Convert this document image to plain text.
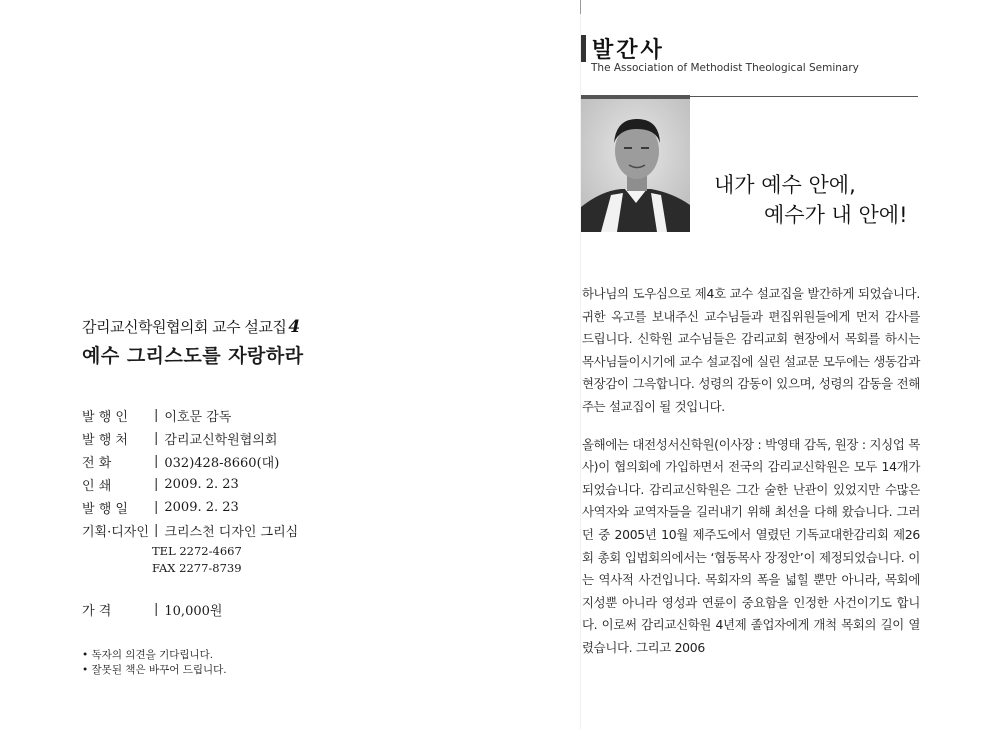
감리교신학원협의회 교수 설교집 4
예수 그리스도를 자랑하라
발 행 인	| 이호문 감독
발 행 처	| 감리교신학원협의회
전 화	| 032)428-8660(대)
인 쇄	| 2009. 2. 23
발 행 일	| 2009. 2. 23
기획·디자인 | 크리스천 디자인 그리심
TEL 2272-4667
FAX 2277-8739
가 격	| 10,000원
• 독자의 의견을 기다립니다.
• 잘못된 책은 바꾸어 드립니다.
발간사
The Association of Methodist Theological Seminary
내가 예수 안에,
예수가 내 안에!

하나님의 도우심으로 제4호 교수 설교집을 발간하게 되었습니다. 귀한 옥고를 보내주신 교수님들과 편집위원들에게 먼저 감사를 드립니다. 신학원 교수님들은 감리교회 현장에서 목회를 하시는 목사님들이시기에 교수 설교집에 실린 설교문 모두에는 생동감과 현장감이 그윽합니다. 성령의 감동이 있으며, 성령의 감동을 전해주는 설교집이 될 것입니다.

올해에는 대전성서신학원(이사장 : 박영태 감독, 원장 : 지싱업 목사)이 협의회에 가입하면서 전국의 감리교신학원은 모두 14개가 되었습니다. 감리교신학원은 그간 술한 난관이 있었지만 수많은 사역자와 교역자들을 길러내기 위해 최선을 다해 왔습니다. 그러던 중 2005년 10월 제주도에서 열렸던 기독교대한감리회 제26회 총회 입법회의에서는 ‘협동목사 장정안’이 제정되었습니다. 이는 역사적 사건입니다. 목회자의 폭을 넓힐 뿐만 아니라, 목회에 지성뿐 아니라 영성과 연륜이 중요함을 인정한 사건이기도 합니다. 이로써 감리교신학원 4년제 졸업자에게 개척 목회의 길이 열렸습니다. 그리고 2006
